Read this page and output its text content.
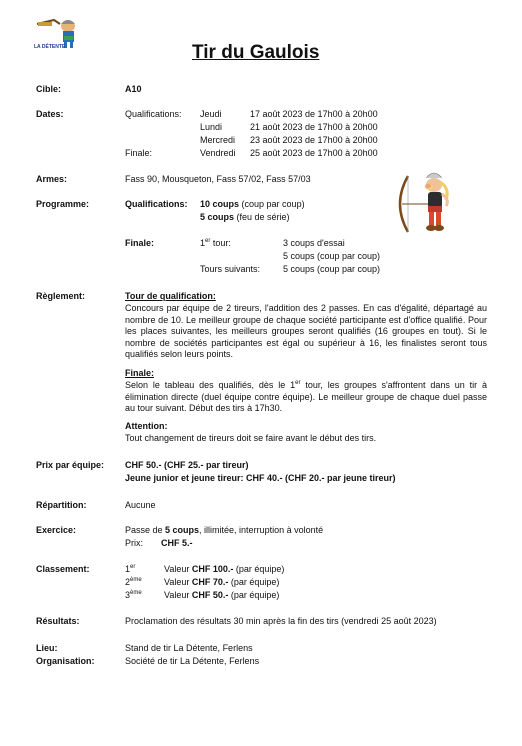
LA DÉTENTE	Tir du Gaulois
Cible:	A10
Dates:	Qualifications: Jeudi	17 août 2023 de 17h00 à 20h00
Lundi	21 août 2023 de 17h00 à 20h00
Mercredi 23 août 2023 de 17h00 à 20h00
Finale:	Vendredi 25 août 2023 de 17h00 à 20h00
Armes:	Fass 90, Mousqueton, Fass 57/02, Fass 57/03
Programme:	Qualifications: 10 coups (coup par coup)
5 coups (feu de série)
Finale:	1er tour:	3 coups d'essai
5 coups (coup par coup)
Tours suivants:	5 coups (coup par coup)
Règlement:	Tour de qualification:
Concours par équipe de 2 tireurs, l'addition des 2 passes. En cas d'égalité, départagé au nombre de 10. Le meilleur groupe de chaque société participante est d'office qualifié. Pour les places suivantes, les meilleurs groupes seront qualifiés (16 groupes en tout). Si le nombre de sociétés participantes est égal ou supérieur à 16, les finalistes seront tous qualifiés selon leurs points.
Finale:
Selon le tableau des qualifiés, dès le 1er tour, les groupes s'affrontent dans un tir à élimination directe (duel équipe contre équipe). Le meilleur groupe de chaque duel passe au tour suivant. Début des tirs à 17h30.
Attention:
Tout changement de tireurs doit se faire avant le début des tirs.
Prix par équipe: CHF 50.- (CHF 25.- par tireur)
Jeune junior et jeune tireur: CHF 40.- (CHF 20.- par jeune tireur)
Répartition:	Aucune
Exercice:	Passe de 5 coups, illimitée, interruption à volonté
Prix: CHF 5.-
Classement:	1er	Valeur CHF 100.- (par équipe)
2ème Valeur CHF 70.- (par équipe)
3ème Valeur CHF 50.- (par équipe)
Résultats:	Proclamation des résultats 30 min après la fin des tirs (vendredi 25 août 2023)
Lieu:	Stand de tir La Détente, Ferlens
Organisation:	Société de tir La Détente, Ferlens
